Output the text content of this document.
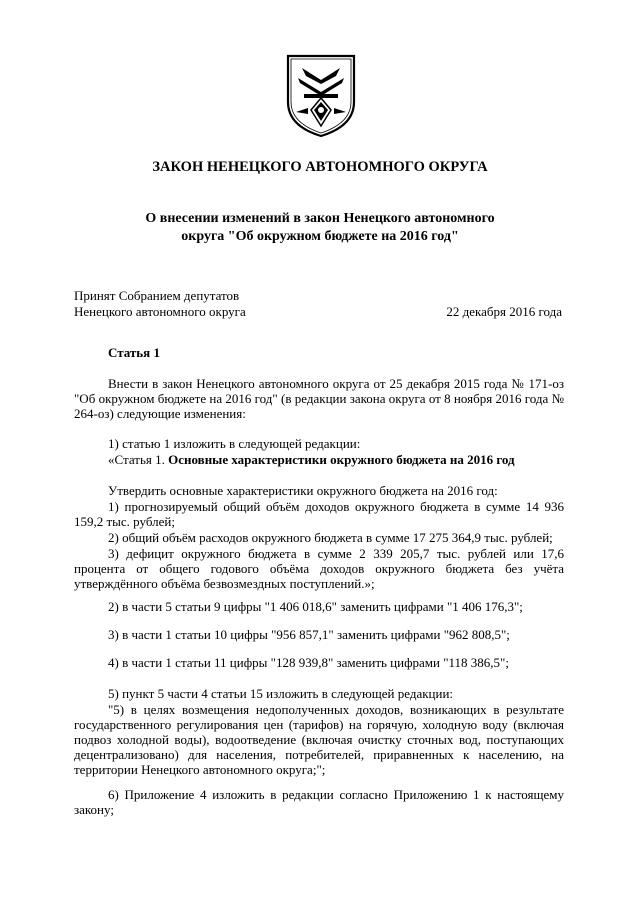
ЗАКОН НЕНЕЦКОГО АВТОНОМНОГО ОКРУГА
О внесении изменений в закон Ненецкого автономного
округа "Об окружном бюджете на 2016 год"
Принят Собранием депутатов
Ненецкого автономного округа	22 декабря 2016 года
Статья 1
Внести в закон Ненецкого автономного округа от 25 декабря 2015 года № 171-оз "Об окружном бюджете на 2016 год" (в редакции закона округа от 8 ноября 2016 года № 264-оз) следующие изменения:
1) статью 1 изложить в следующей редакции:
«Статья 1. Основные характеристики окружного бюджета на 2016 год
Утвердить основные характеристики окружного бюджета на 2016 год:
1) прогнозируемый общий объём доходов окружного бюджета в сумме 14 936 159,2 тыс. рублей;
2) общий объём расходов окружного бюджета в сумме 17 275 364,9 тыс. рублей;
3) дефицит окружного бюджета в сумме 2 339 205,7 тыс. рублей или 17,6 процента от общего годового объёма доходов окружного бюджета без учёта утверждённого объёма безвозмездных поступлений.»;
2) в части 5 статьи 9 цифры "1 406 018,6" заменить цифрами "1 406 176,3";
3) в части 1 статьи 10 цифры "956 857,1" заменить цифрами "962 808,5";
4) в части 1 статьи 11 цифры "128 939,8" заменить цифрами "118 386,5";
5) пункт 5 части 4 статьи 15 изложить в следующей редакции:
"5) в целях возмещения недополученных доходов, возникающих в результате государственного регулирования цен (тарифов) на горячую, холодную воду (включая подвоз холодной воды), водоотведение (включая очистку сточных вод, поступающих децентрализовано) для населения, потребителей, приравненных к населению, на территории Ненецкого автономного округа;";
6) Приложение 4 изложить в редакции согласно Приложению 1 к настоящему закону;
